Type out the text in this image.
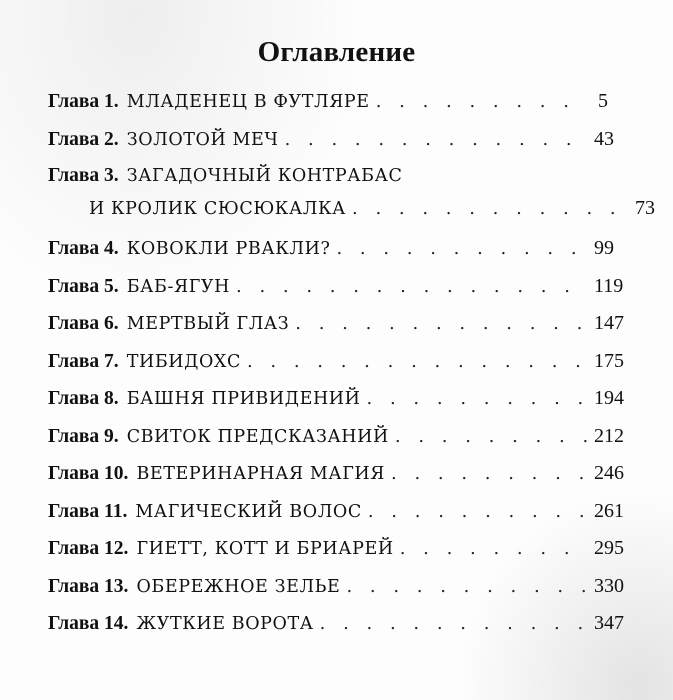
Оглавление
Глава 1. МЛАДЕНЕЦ В ФУТЛЯРЕ . . .	5
Глава 2. ЗОЛОТОЙ МЕЧ . . .	43
Глава 3. ЗАГАДОЧНЫЙ КОНТРАБАС
И КРОЛИК СЮСЮКАЛКА . . .	73
Глава 4. КОВОКЛИ РВАКЛИ? . . .	99
Глава 5. БАБ-ЯГУН . . .	119
Глава 6. МЕРТВЫЙ ГЛАЗ . . .	147
Глава 7. ТИБИДОХС . . .	175
Глава 8. БАШНЯ ПРИВИДЕНИЙ . . .	194
Глава 9. СВИТОК ПРЕДСКАЗАНИЙ . . .	212
Глава 10. ВЕТЕРИНАРНАЯ МАГИЯ . . .	246
Глава 11. МАГИЧЕСКИЙ ВОЛОС . . .	261
Глава 12. ГИЕТТ, КОТТ И БРИАРЕЙ . . .	295
Глава 13. ОБЕРЕЖНОЕ ЗЕЛЬЕ . . .	330
Глава 14. ЖУТКИЕ ВОРОТА . . .	347
